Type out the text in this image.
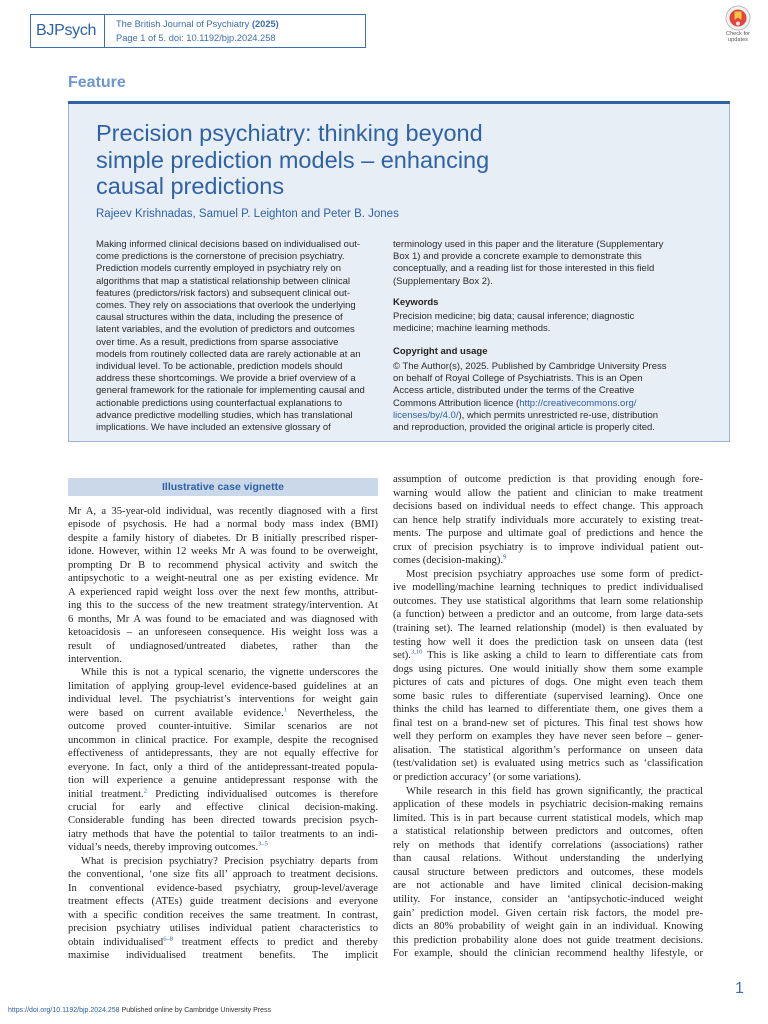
BJPsych The British Journal of Psychiatry (2025)
Page 1 of 5. doi: 10.1192/bjp.2024.258	Check for
updates
Feature
Precision psychiatry: thinking beyond
simple prediction models – enhancing
causal predictions
Rajeev Krishnadas, Samuel P. Leighton and Peter B. Jones
Making informed clinical decisions based on individualised out-
come predictions is the cornerstone of precision psychiatry.
Prediction models currently employed in psychiatry rely on
algorithms that map a statistical relationship between clinical
features (predictors/risk factors) and subsequent clinical out-
comes. They rely on associations that overlook the underlying
causal structures within the data, including the presence of
latent variables, and the evolution of predictors and outcomes
over time. As a result, predictions from sparse associative
models from routinely collected data are rarely actionable at an
individual level. To be actionable, prediction models should
address these shortcomings. We provide a brief overview of a
general framework for the rationale for implementing causal and
actionable predictions using counterfactual explanations to
advance predictive modelling studies, which has translational
implications. We have included an extensive glossary of
terminology used in this paper and the literature (Supplementary
Box 1) and provide a concrete example to demonstrate this
conceptually, and a reading list for those interested in this field
(Supplementary Box 2).
Keywords
Precision medicine; big data; causal inference; diagnostic
medicine; machine learning methods.
Copyright and usage
© The Author(s), 2025. Published by Cambridge University Press
on behalf of Royal College of Psychiatrists. This is an Open
Access article, distributed under the terms of the Creative
Commons Attribution licence (http://creativecommons.org/
licenses/by/4.0/), which permits unrestricted re-use, distribution
and reproduction, provided the original article is properly cited.
Illustrative case vignette
Mr A, a 35-year-old individual, was recently diagnosed with a first
episode of psychosis. He had a normal body mass index (BMI)
despite a family history of diabetes. Dr B initially prescribed risper-
idone. However, within 12 weeks Mr A was found to be overweight,
prompting Dr B to recommend physical activity and switch the
antipsychotic to a weight-neutral one as per existing evidence. Mr
A experienced rapid weight loss over the next few months, attribut-
ing this to the success of the new treatment strategy/intervention. At
6 months, Mr A was found to be emaciated and was diagnosed with
ketoacidosis – an unforeseen consequence. His weight loss was a
result of undiagnosed/untreated diabetes, rather than the
intervention.
While this is not a typical scenario, the vignette underscores the
limitation of applying group-level evidence-based guidelines at an
individual level. The psychiatrist’s interventions for weight gain
were based on current available evidence.$^1$ Nevertheless, the
outcome proved counter-intuitive. Similar scenarios are not
uncommon in clinical practice. For example, despite the recognised
effectiveness of antidepressants, they are not equally effective for
everyone. In fact, only a third of the antidepressant-treated popula-
tion will experience a genuine antidepressant response with the
initial treatment.$^2$ Predicting individualised outcomes is therefore
crucial for early and effective clinical decision-making.
Considerable funding has been directed towards precision psych-
iatry methods that have the potential to tailor treatments to an indi-
vidual’s needs, thereby improving outcomes.$^{3-5}$
What is precision psychiatry? Precision psychiatry departs from
the conventional, ‘one size fits all’ approach to treatment decisions.
In conventional evidence-based psychiatry, group-level/average
treatment effects (ATEs) guide treatment decisions and everyone
with a specific condition receives the same treatment. In contrast,
precision psychiatry utilises individual patient characteristics to
obtain individualised$^{6-8}$ treatment effects to predict and thereby
maximise individualised treatment benefits. The implicit
assumption of outcome prediction is that providing enough fore-
warning would allow the patient and clinician to make treatment
decisions based on individual needs to effect change. This approach
can hence help stratify individuals more accurately to existing treat-
ments. The purpose and ultimate goal of predictions and hence the
crux of precision psychiatry is to improve individual patient out-
comes (decision-making).$^9$
Most precision psychiatry approaches use some form of predict-
ive modelling/machine learning techniques to predict individualised
outcomes. They use statistical algorithms that learn some relationship
(a function) between a predictor and an outcome, from large data-sets
(training set). The learned relationship (model) is then evaluated by
testing how well it does the prediction task on unseen data (test
set).$^{3,10}$ This is like asking a child to learn to differentiate cats from
dogs using pictures. One would initially show them some example
pictures of cats and pictures of dogs. One might even teach them
some basic rules to differentiate (supervised learning). Once one
thinks the child has learned to differentiate them, one gives them a
final test on a brand-new set of pictures. This final test shows how
well they perform on examples they have never seen before – gener-
alisation. The statistical algorithm’s performance on unseen data
(test/validation set) is evaluated using metrics such as ‘classification
or prediction accuracy’ (or some variations).
While research in this field has grown significantly, the practical
application of these models in psychiatric decision-making remains
limited. This is in part because current statistical models, which map
a statistical relationship between predictors and outcomes, often
rely on methods that identify correlations (associations) rather
than causal relations. Without understanding the underlying
causal structure between predictors and outcomes, these models
are not actionable and have limited clinical decision-making
utility. For instance, consider an ‘antipsychotic-induced weight
gain’ prediction model. Given certain risk factors, the model pre-
dicts an 80% probability of weight gain in an individual. Knowing
this prediction probability alone does not guide treatment decisions.
For example, should the clinician recommend healthy lifestyle, or
1
https://doi.org/10.1192/bjp.2024.258 Published online by Cambridge University Press
